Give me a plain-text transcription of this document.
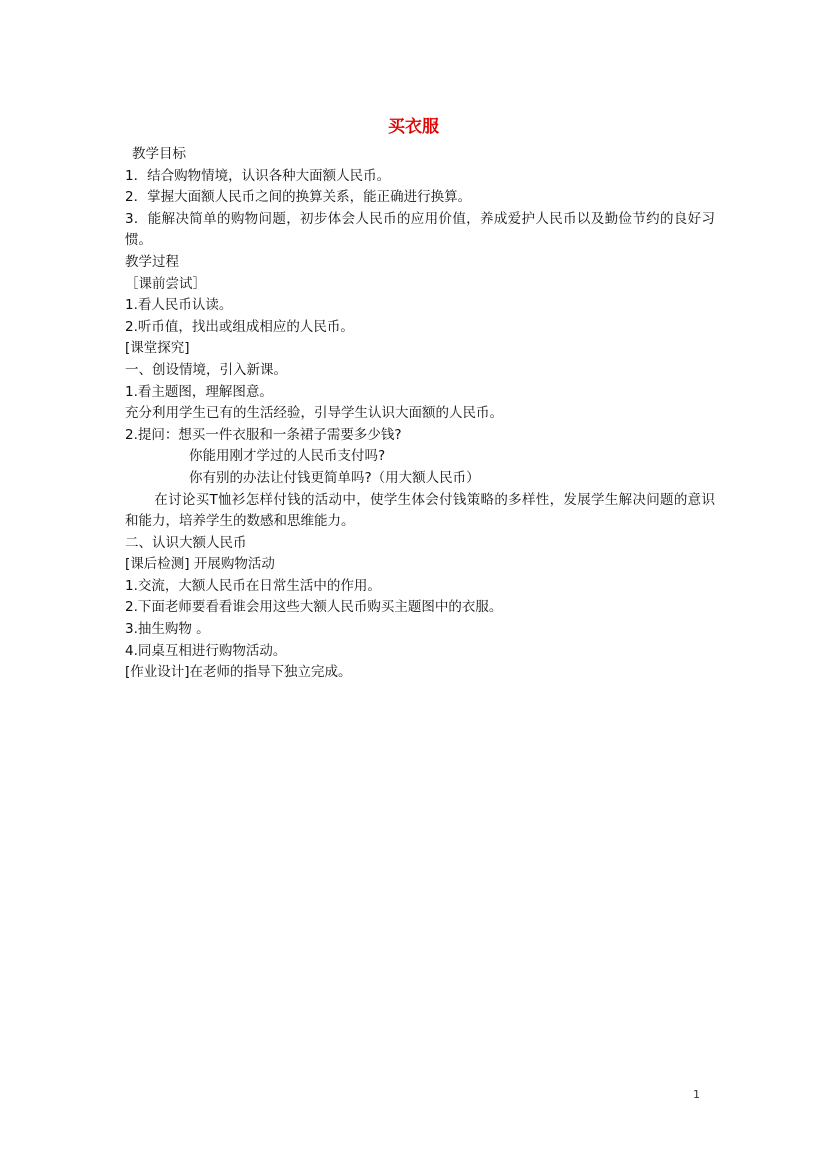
买衣服
教学目标
1．结合购物情境，认识各种大面额人民币。
2．掌握大面额人民币之间的换算关系，能正确进行换算。
3．能解决简单的购物问题，初步体会人民币的应用价值，养成爱护人民币以及勤俭节约的良好习惯。
教学过程
［课前尝试］
1.看人民币认读。
2.听币值，找出或组成相应的人民币。
[课堂探究]
一、创设情境，引入新课。
1.看主题图，理解图意。
充分利用学生已有的生活经验，引导学生认识大面额的人民币。
2.提问：想买一件衣服和一条裙子需要多少钱?
你能用刚才学过的人民币支付吗?
你有别的办法让付钱更简单吗?（用大额人民币）
在讨论买T恤衫怎样付钱的活动中，使学生体会付钱策略的多样性，发展学生解决问题的意识和能力，培养学生的数感和思维能力。
二、认识大额人民币
[课后检测] 开展购物活动
1.交流，大额人民币在日常生活中的作用。
2.下面老师要看看谁会用这些大额人民币购买主题图中的衣服。
3.抽生购物 。
4.同桌互相进行购物活动。
[作业设计]在老师的指导下独立完成。
1
